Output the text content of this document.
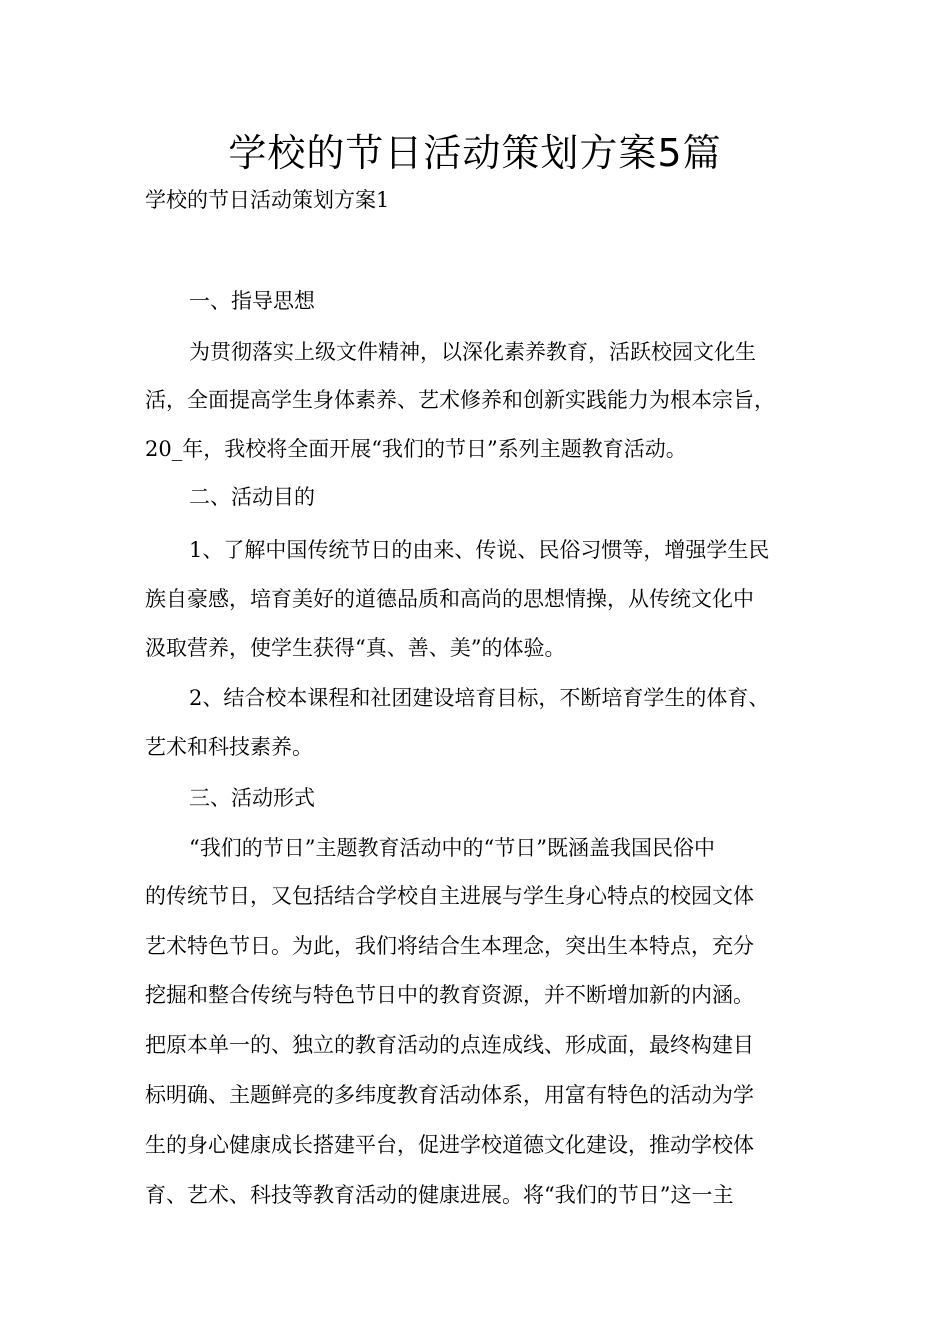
学校的节日活动策划方案5篇
学校的节日活动策划方案1
一、指导思想
为贯彻落实上级文件精神，以深化素养教育，活跃校园文化生
活，全面提高学生身体素养、艺术修养和创新实践能力为根本宗旨，
20_年，我校将全面开展“我们的节日”系列主题教育活动。
二、活动目的
1、了解中国传统节日的由来、传说、民俗习惯等，增强学生民
族自豪感，培育美好的道德品质和高尚的思想情操，从传统文化中
汲取营养，使学生获得“真、善、美”的体验。
2、结合校本课程和社团建设培育目标，不断培育学生的体育、
艺术和科技素养。
三、活动形式
“我们的节日”主题教育活动中的“节日”既涵盖我国民俗中
的传统节日，又包括结合学校自主进展与学生身心特点的校园文体
艺术特色节日。为此，我们将结合生本理念，突出生本特点，充分
挖掘和整合传统与特色节日中的教育资源，并不断增加新的内涵。
把原本单一的、独立的教育活动的点连成线、形成面，最终构建目
标明确、主题鲜亮的多纬度教育活动体系，用富有特色的活动为学
生的身心健康成长搭建平台，促进学校道德文化建设，推动学校体
育、艺术、科技等教育活动的健康进展。将“我们的节日”这一主
